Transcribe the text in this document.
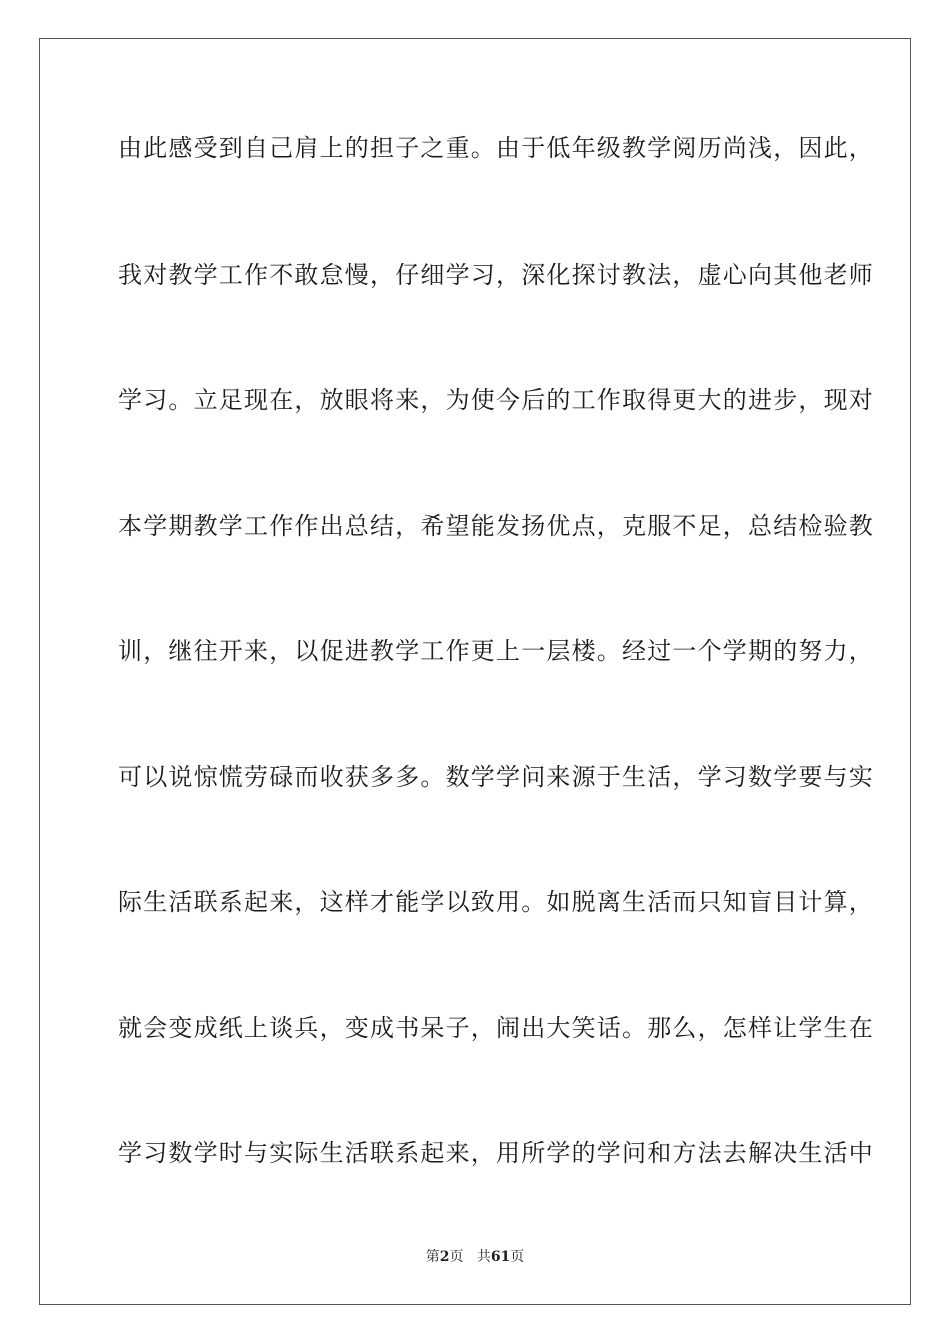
由此感受到自己肩上的担子之重。由于低年级教学阅历尚浅，因此，
我对教学工作不敢怠慢，仔细学习，深化探讨教法，虚心向其他老师
学习。立足现在，放眼将来，为使今后的工作取得更大的进步，现对
本学期教学工作作出总结，希望能发扬优点，克服不足，总结检验教
训，继往开来，以促进教学工作更上一层楼。经过一个学期的努力，
可以说惊慌劳碌而收获多多。数学学问来源于生活，学习数学要与实
际生活联系起来，这样才能学以致用。如脱离生活而只知盲目计算，
就会变成纸上谈兵，变成书呆子，闹出大笑话。那么，怎样让学生在
学习数学时与实际生活联系起来，用所学的学问和方法去解决生活中
第2页 共61页
